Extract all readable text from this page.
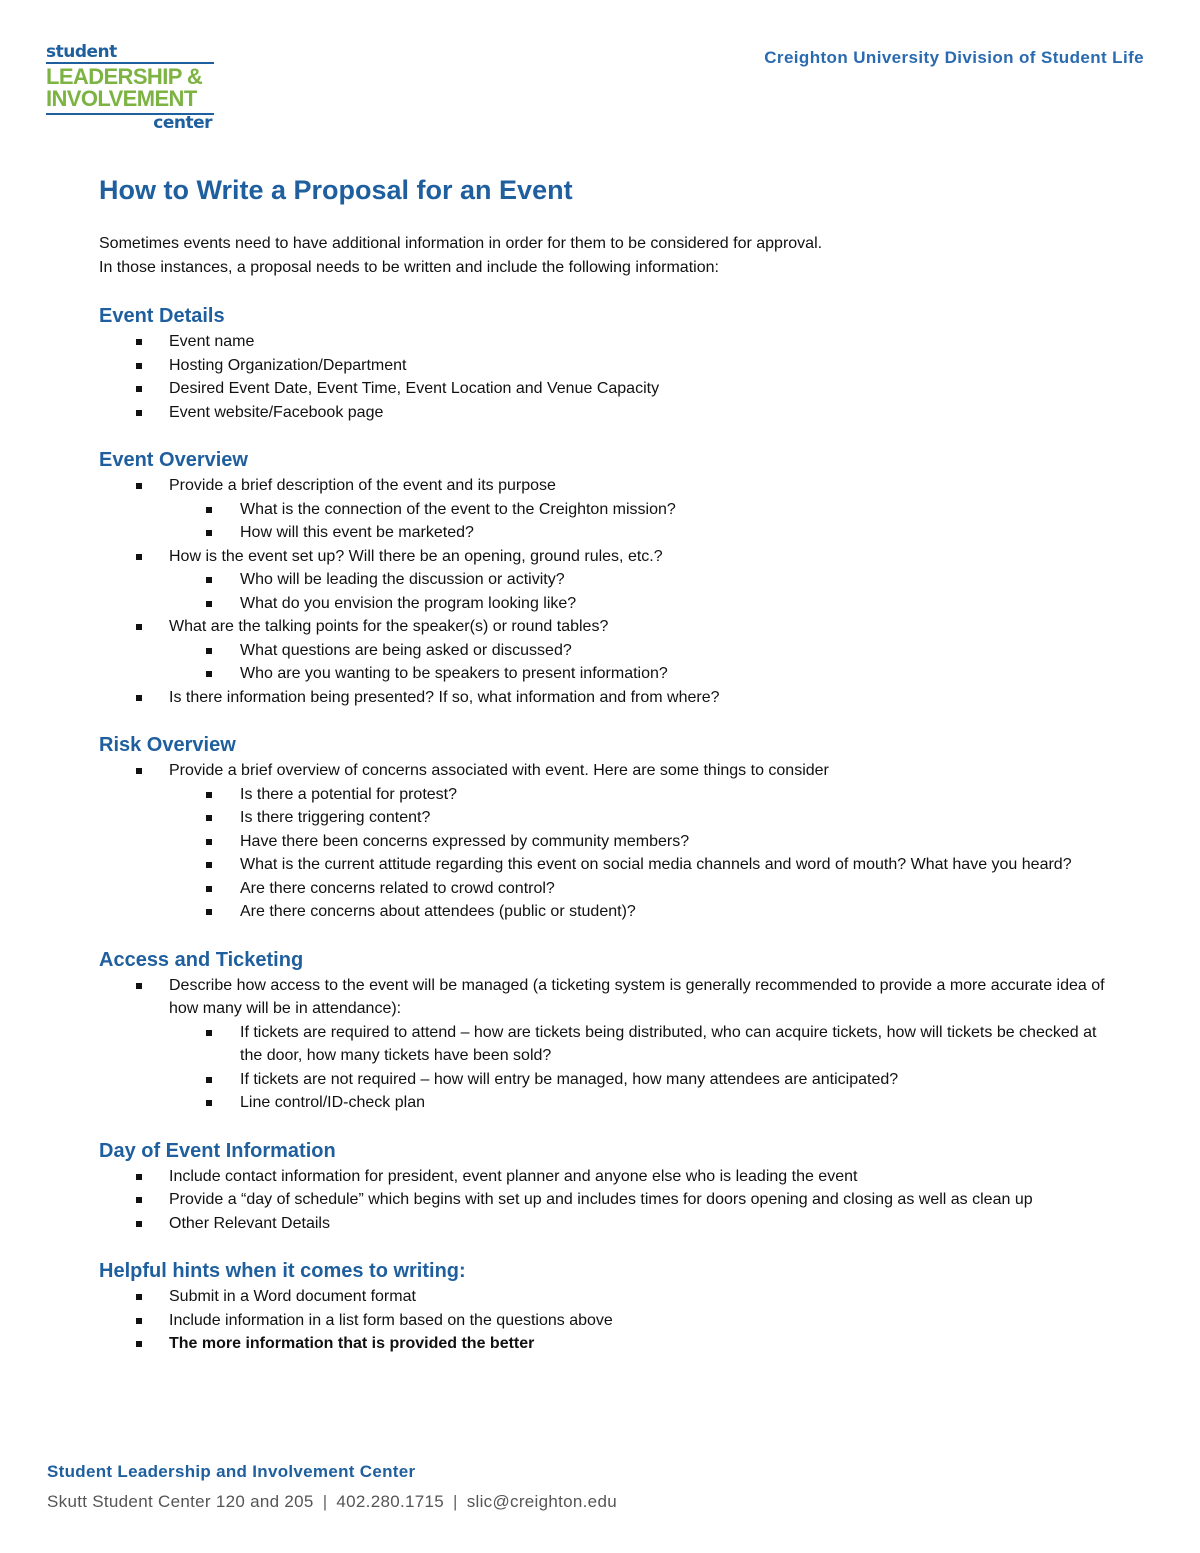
student
LEADERSHIP &
INVOLVEMENT
center
Creighton University Division of Student Life
How to Write a Proposal for an Event
Sometimes events need to have additional information in order for them to be considered for approval.
In those instances, a proposal needs to be written and include the following information:
Event Details
Event name
Hosting Organization/Department
Desired Event Date, Event Time, Event Location and Venue Capacity
Event website/Facebook page
Event Overview
Provide a brief description of the event and its purpose
What is the connection of the event to the Creighton mission?
How will this event be marketed?
How is the event set up? Will there be an opening, ground rules, etc.?
Who will be leading the discussion or activity?
What do you envision the program looking like?
What are the talking points for the speaker(s) or round tables?
What questions are being asked or discussed?
Who are you wanting to be speakers to present information?
Is there information being presented? If so, what information and from where?
Risk Overview
Provide a brief overview of concerns associated with event. Here are some things to consider
Is there a potential for protest?
Is there triggering content?
Have there been concerns expressed by community members?
What is the current attitude regarding this event on social media channels and word of mouth? What have you heard?
Are there concerns related to crowd control?
Are there concerns about attendees (public or student)?
Access and Ticketing
Describe how access to the event will be managed (a ticketing system is generally recommended to provide a more accurate idea of how many will be in attendance):
If tickets are required to attend – how are tickets being distributed, who can acquire tickets, how will tickets be checked at the door, how many tickets have been sold?
If tickets are not required – how will entry be managed, how many attendees are anticipated?
Line control/ID-check plan
Day of Event Information
Include contact information for president, event planner and anyone else who is leading the event
Provide a “day of schedule” which begins with set up and includes times for doors opening and closing as well as clean up
Other Relevant Details
Helpful hints when it comes to writing:
Submit in a Word document format
Include information in a list form based on the questions above
The more information that is provided the better
Student Leadership and Involvement Center
Skutt Student Center 120 and 205 | 402.280.1715 | slic@creighton.edu
